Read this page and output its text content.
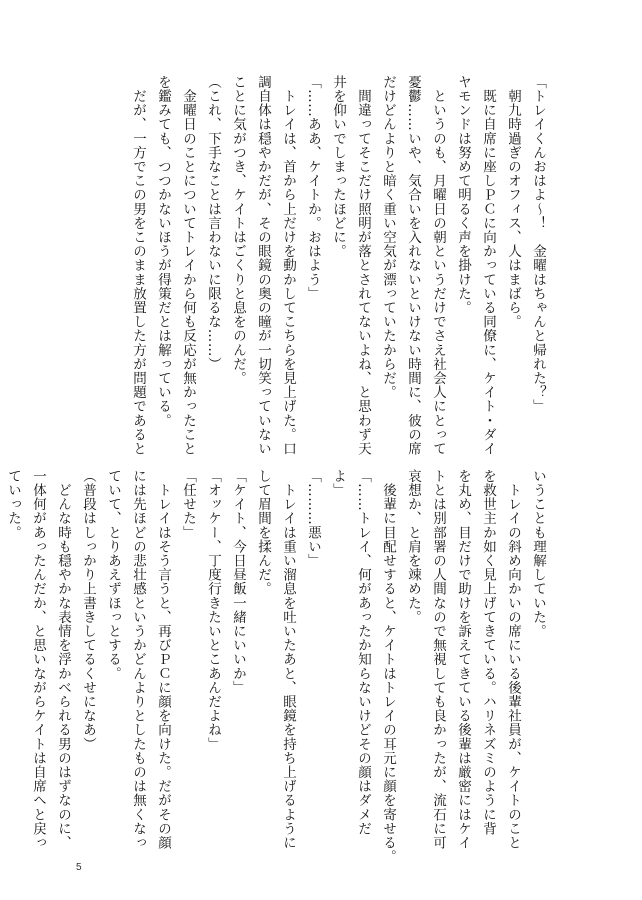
「トレイくんおはよ～！　金曜はちゃんと帰れた？」
　朝九時過ぎのオフィス、人はまばら。
　既に自席に座しＰＣに向かっている同僚に、ケイト・ダイ
ヤモンドは努めて明るく声を掛けた。
　というのも、月曜日の朝というだけでさえ社会人にとって
憂鬱……いや、気合いを入れないといけない時間に、彼の席
だけどんよりと暗く重い空気が漂っていたからだ。
　間違ってそこだけ照明が落とされてないよね、と思わず天
井を仰いでしまったほどに。
「……ああ、ケイトか。おはよう」
　トレイは、首から上だけを動かしてこちらを見上げた。口
調自体は穏やかだが、その眼鏡の奥の瞳が一切笑っていない
ことに気がつき、ケイトはごくりと息をのんだ。
（これ、下手なことは言わないに限るな……）
　金曜日のことについてトレイから何も反応が無かったこと
を鑑みても、つつかないほうが得策だとは解っている。
　だが、一方でこの男をこのまま放置した方が問題であると
いうことも理解していた。
　トレイの斜め向かいの席にいる後輩社員が、ケイトのこと
を救世主か如く見上げてきている。ハリネズミのように背
を丸め、目だけで助けを訴えてきている後輩は厳密にはケイ
トとは別部署の人間なので無視しても良かったが、流石に可
哀想か、と肩を竦めた。
　後輩に目配せすると、ケイトはトレイの耳元に顔を寄せる。
「……トレイ、何があったか知らないけどその顔はダメだ
よ」
「………悪い」
　トレイは重い溜息を吐いたあと、眼鏡を持ち上げるように
して眉間を揉んだ。
「ケイト、今日昼飯一緒にいいか」
「オッケー、丁度行きたいとこあんだよね」
「任せた」
　トレイはそう言うと、再びＰＣに顔を向けた。だがその顔
には先ほどの悲壮感というかどんよりとしたものは無くなっ
ていて、とりあえずほっとする。
（普段はしっかり上書きしてるくせになあ）
　どんな時も穏やかな表情を浮かべられる男のはずなのに、
一体何があったんだか、と思いながらケイトは自席へと戻っ
ていった。
5
